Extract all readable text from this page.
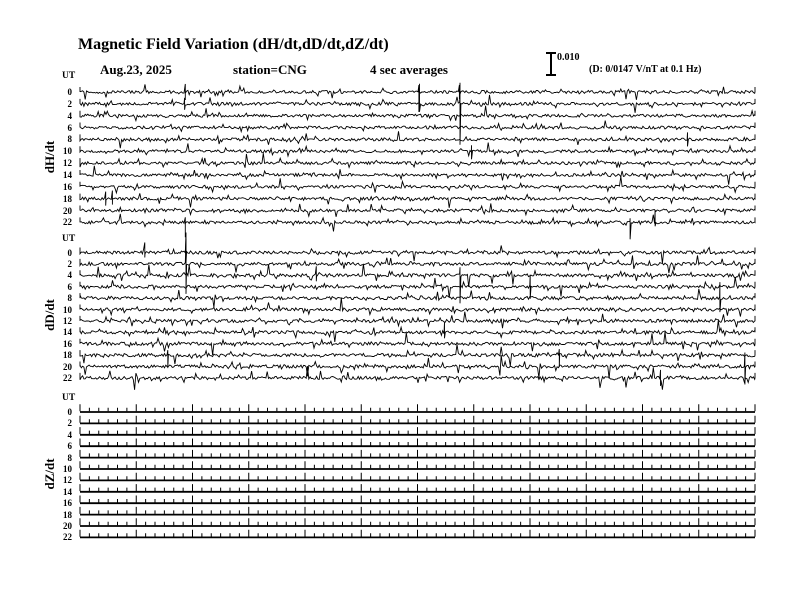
Magnetic Field Variation (dH/dt,dD/dt,dZ/dt)
Aug.23, 2025	station=CNG	4 sec averages
0.010
(D: 0/0147 V/nT at 0.1 Hz)
UT
UT
UT
dH/dt
dD/dt
dZ/dt
0
2
4
6
8
10
12
14
16
18
20
22
0
2
4
6
8
10
12
14
16
18
20
22
0
2
4
6
8
10
12
14
16
18
20
22
